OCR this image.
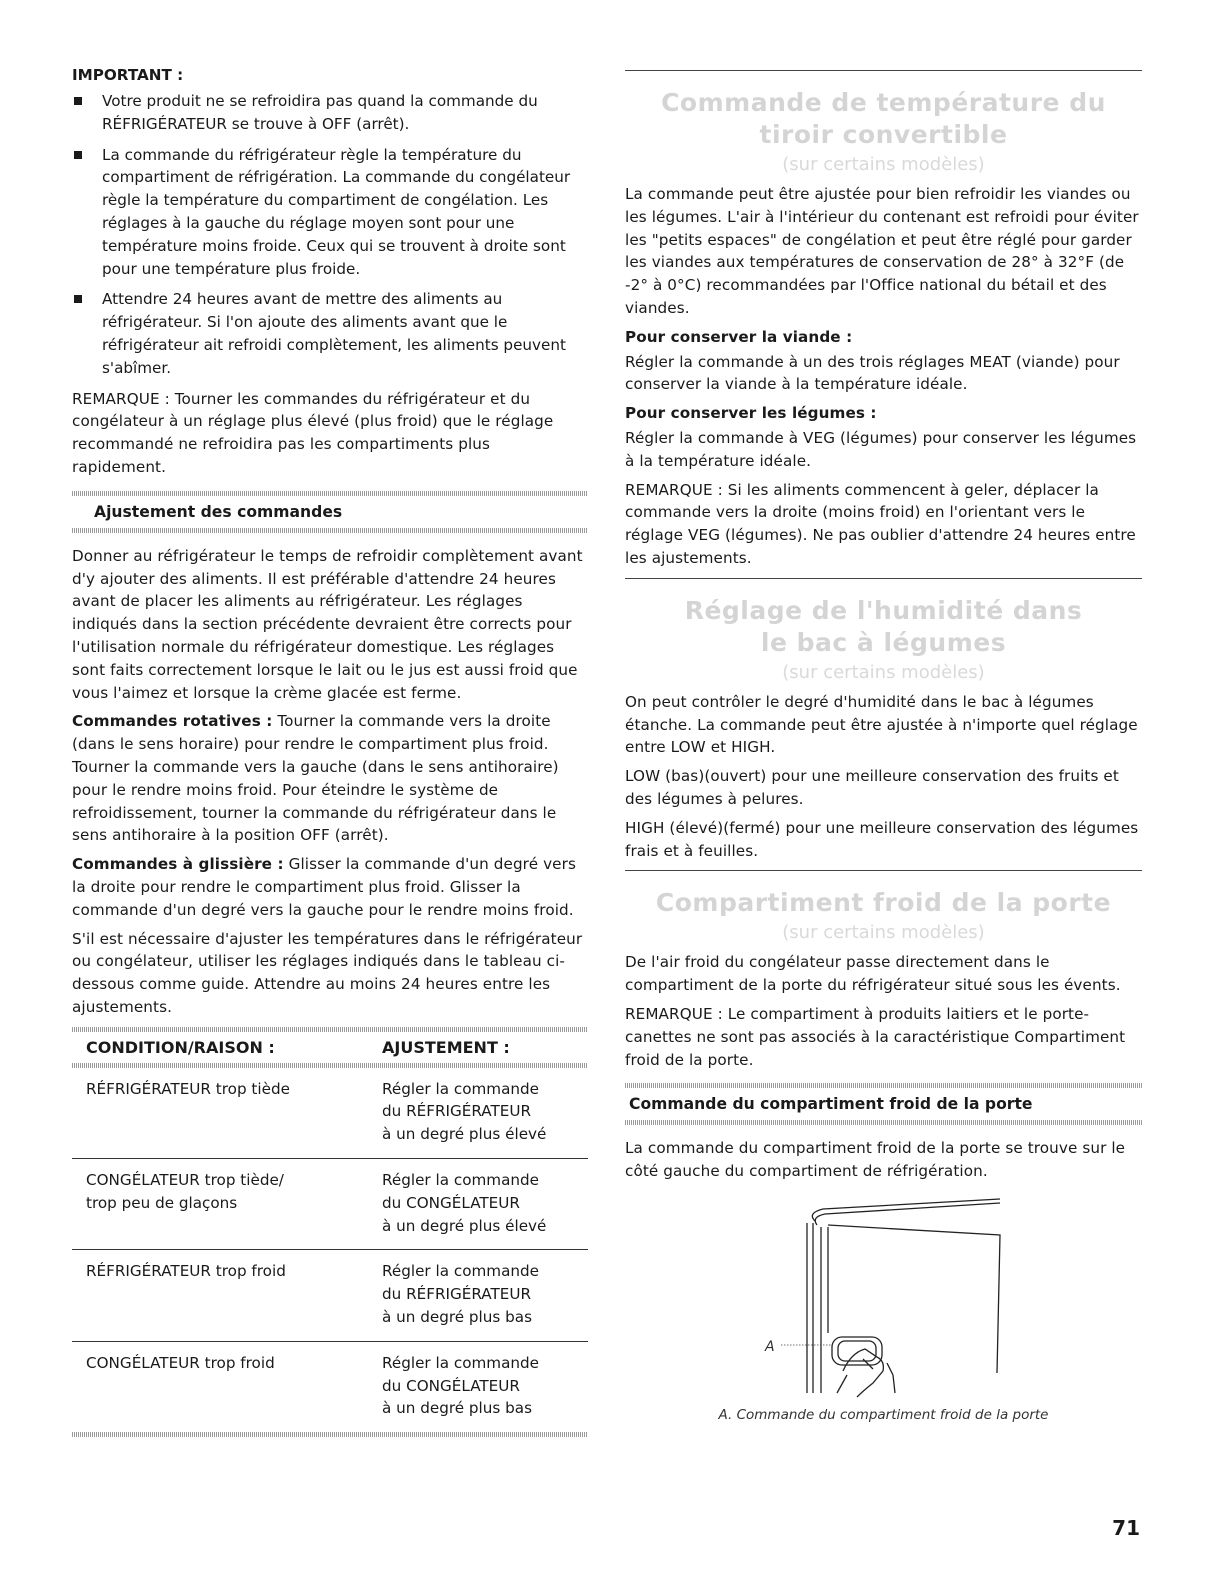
IMPORTANT :
Votre produit ne se refroidira pas quand la commande du RÉFRIGÉRATEUR se trouve à OFF (arrêt).
La commande du réfrigérateur règle la température du compartiment de réfrigération. La commande du congélateur règle la température du compartiment de congélation. Les réglages à la gauche du réglage moyen sont pour une température moins froide. Ceux qui se trouvent à droite sont pour une température plus froide.
Attendre 24 heures avant de mettre des aliments au réfrigérateur. Si l'on ajoute des aliments avant que le réfrigérateur ait refroidi complètement, les aliments peuvent s'abîmer.

REMARQUE : Tourner les commandes du réfrigérateur et du congélateur à un réglage plus élevé (plus froid) que le réglage recommandé ne refroidira pas les compartiments plus rapidement.

Ajustement des commandes

Donner au réfrigérateur le temps de refroidir complètement avant d'y ajouter des aliments. Il est préférable d'attendre 24 heures avant de placer les aliments au réfrigérateur. Les réglages indiqués dans la section précédente devraient être corrects pour l'utilisation normale du réfrigérateur domestique. Les réglages sont faits correctement lorsque le lait ou le jus est aussi froid que vous l'aimez et lorsque la crème glacée est ferme.

Commandes rotatives : Tourner la commande vers la droite (dans le sens horaire) pour rendre le compartiment plus froid. Tourner la commande vers la gauche (dans le sens antihoraire) pour le rendre moins froid. Pour éteindre le système de refroidissement, tourner la commande du réfrigérateur dans le sens antihoraire à la position OFF (arrêt).

Commandes à glissière : Glisser la commande d'un degré vers la droite pour rendre le compartiment plus froid. Glisser la commande d'un degré vers la gauche pour le rendre moins froid.

S'il est nécessaire d'ajuster les températures dans le réfrigérateur ou congélateur, utiliser les réglages indiqués dans le tableau ci-dessous comme guide. Attendre au moins 24 heures entre les ajustements.

CONDITION/RAISON :	AJUSTEMENT :

RÉFRIGÉRATEUR trop tiède	Régler la commande
du RÉFRIGÉRATEUR
à un degré plus élevé
CONGÉLATEUR trop tiède/
trop peu de glaçons	Régler la commande
du CONGÉLATEUR
à un degré plus élevé
RÉFRIGÉRATEUR trop froid	Régler la commande
du RÉFRIGÉRATEUR
à un degré plus bas
CONGÉLATEUR trop froid	Régler la commande
du CONGÉLATEUR
à un degré plus bas
Commande de température du
tiroir convertible
(sur certains modèles)

La commande peut être ajustée pour bien refroidir les viandes ou les légumes. L'air à l'intérieur du contenant est refroidi pour éviter les "petits espaces" de congélation et peut être réglé pour garder les viandes aux températures de conservation de 28° à 32°F (de -2° à 0°C) recommandées par l'Office national du bétail et des viandes.

Pour conserver la viande :

Régler la commande à un des trois réglages MEAT (viande) pour conserver la viande à la température idéale.

Pour conserver les légumes :

Régler la commande à VEG (légumes) pour conserver les légumes à la température idéale.

REMARQUE : Si les aliments commencent à geler, déplacer la commande vers la droite (moins froid) en l'orientant vers le réglage VEG (légumes). Ne pas oublier d'attendre 24 heures entre les ajustements.

Réglage de l'humidité dans
le bac à légumes
(sur certains modèles)

On peut contrôler le degré d'humidité dans le bac à légumes étanche. La commande peut être ajustée à n'importe quel réglage entre LOW et HIGH.

LOW (bas)(ouvert) pour une meilleure conservation des fruits et des légumes à pelures.

HIGH (élevé)(fermé) pour une meilleure conservation des légumes frais et à feuilles.

Compartiment froid de la porte
(sur certains modèles)

De l'air froid du congélateur passe directement dans le compartiment de la porte du réfrigérateur situé sous les évents.

REMARQUE : Le compartiment à produits laitiers et le porte-canettes ne sont pas associés à la caractéristique Compartiment froid de la porte.

Commande du compartiment froid de la porte

La commande du compartiment froid de la porte se trouve sur le côté gauche du compartiment de réfrigération.

A
A. Commande du compartiment froid de la porte
71
